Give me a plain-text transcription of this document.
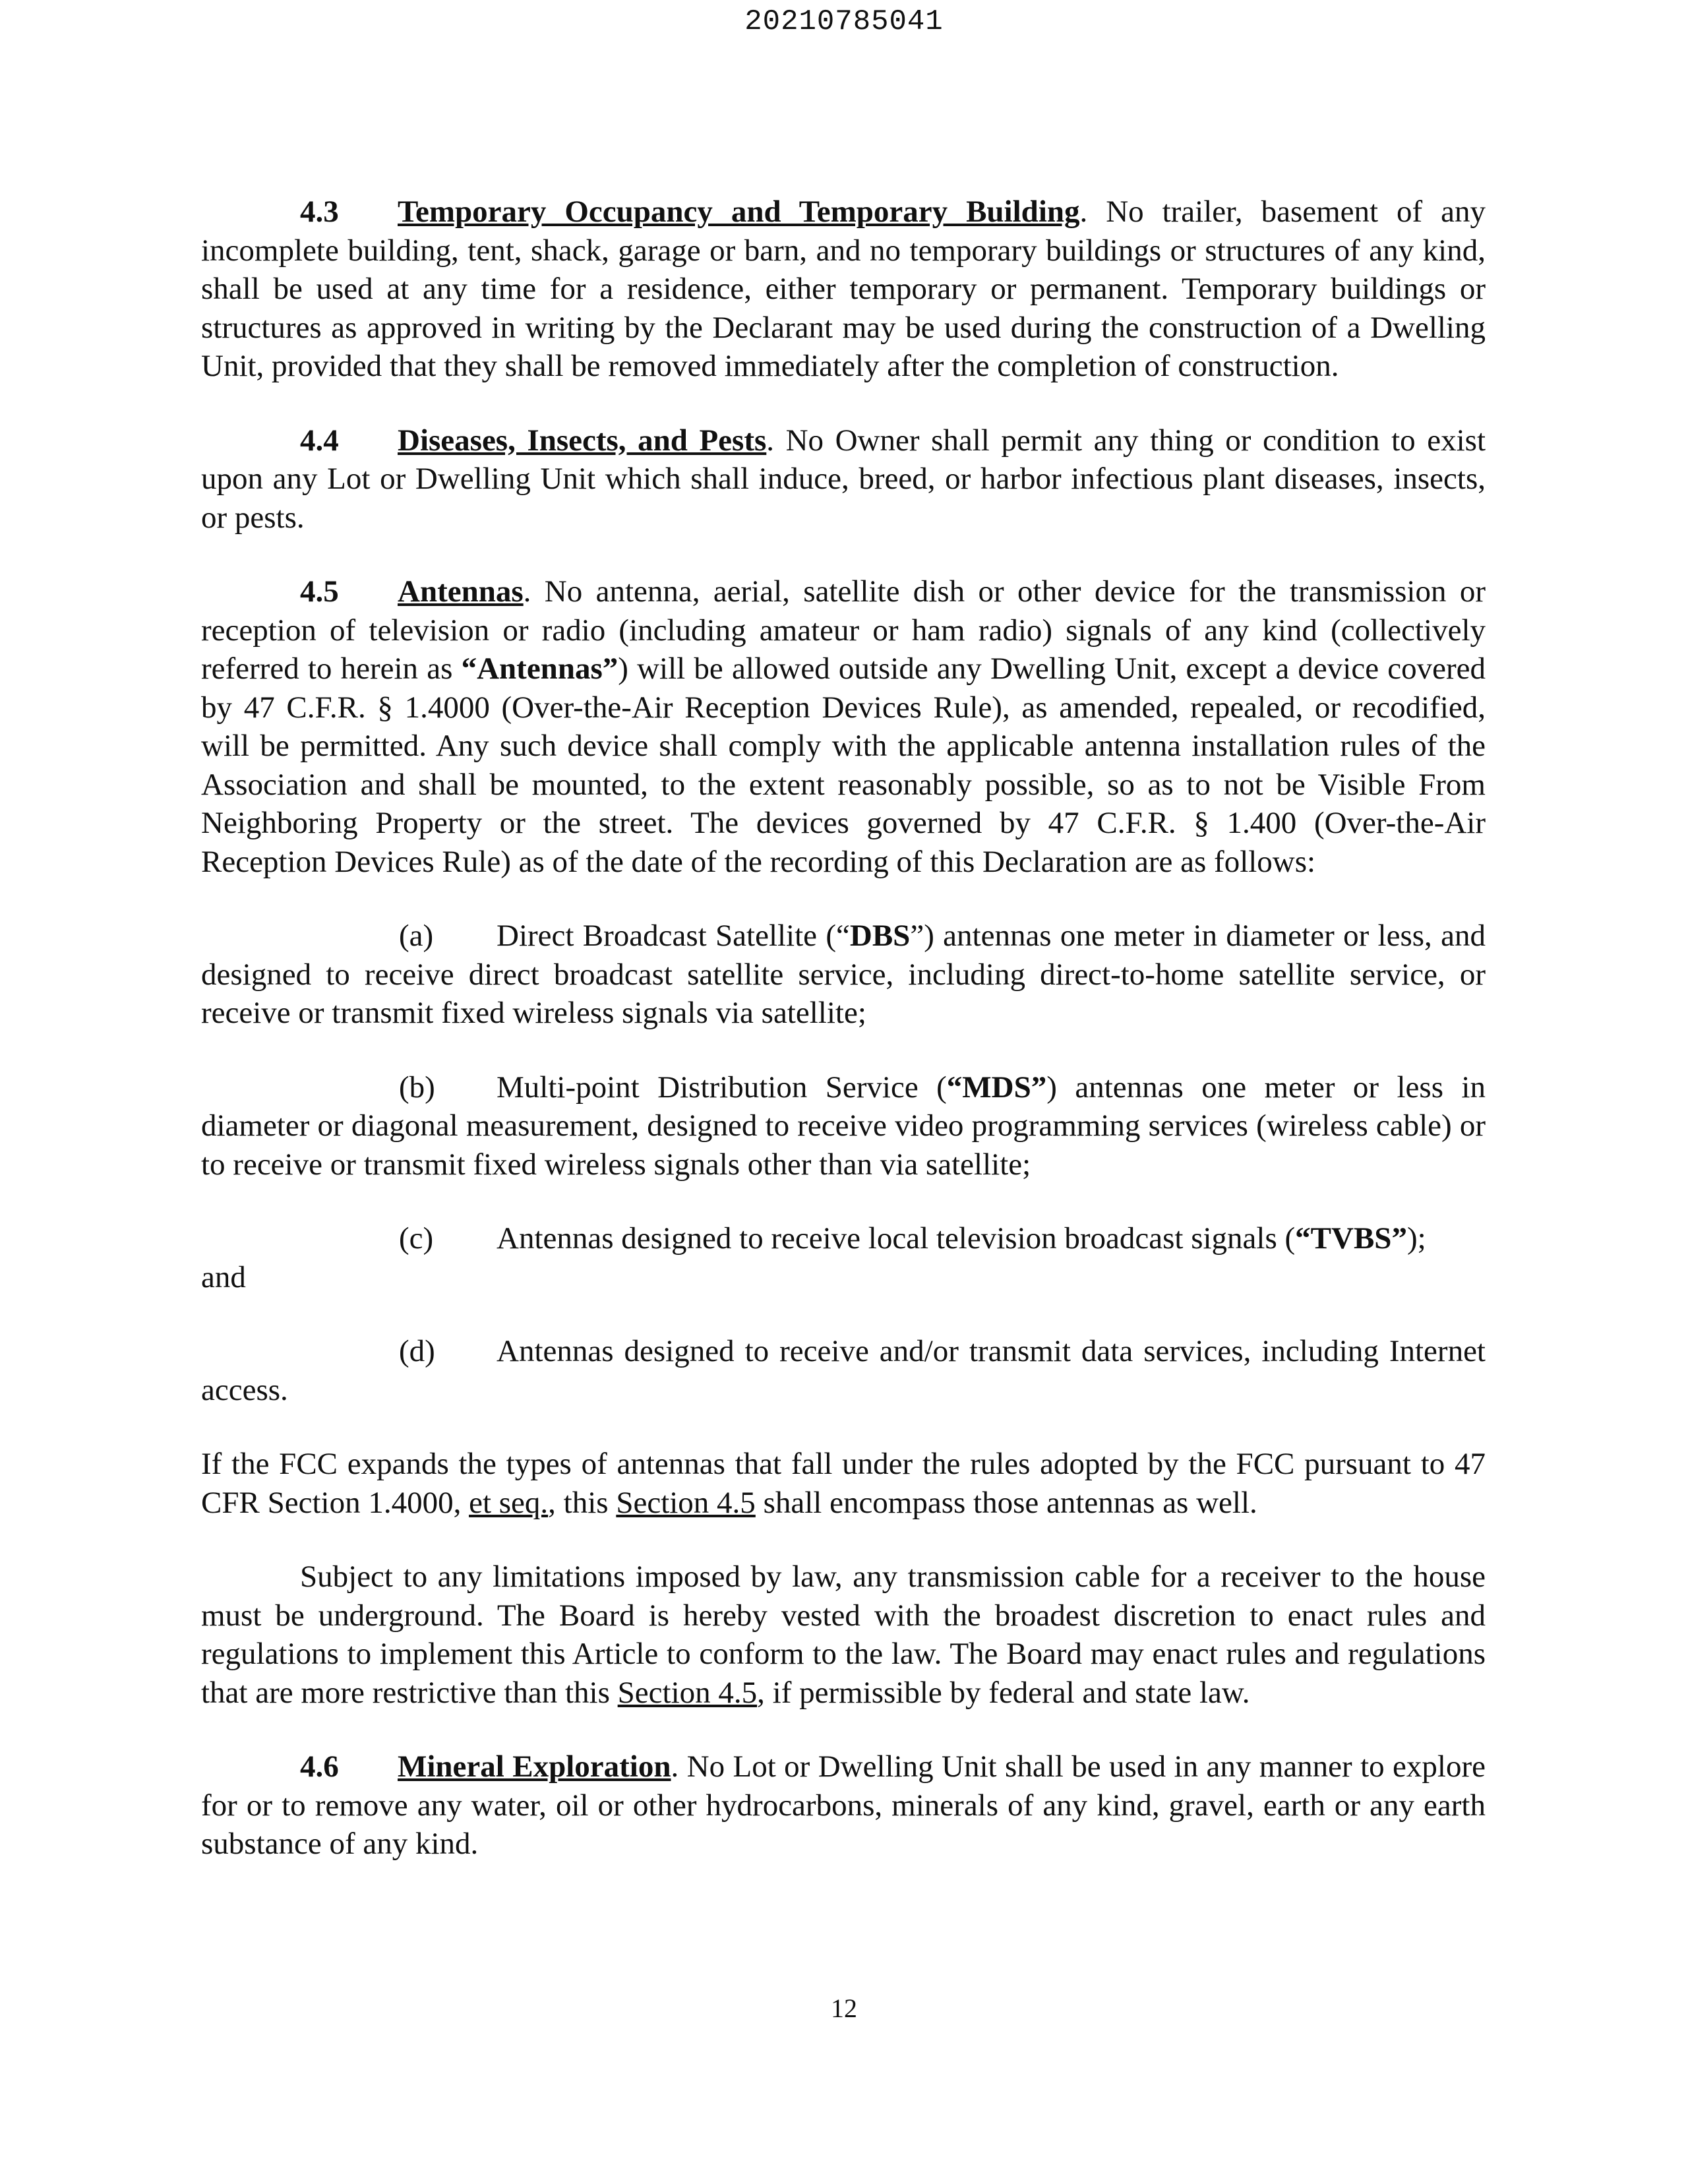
20210785041

4.3 Temporary Occupancy and Temporary Building. No trailer, basement of any incomplete building, tent, shack, garage or barn, and no temporary buildings or structures of any kind, shall be used at any time for a residence, either temporary or permanent. Temporary buildings or structures as approved in writing by the Declarant may be used during the construction of a Dwelling Unit, provided that they shall be removed immediately after the completion of construction.

4.4 Diseases, Insects, and Pests. No Owner shall permit any thing or condition to exist upon any Lot or Dwelling Unit which shall induce, breed, or harbor infectious plant diseases, insects, or pests.

4.5 Antennas. No antenna, aerial, satellite dish or other device for the transmission or reception of television or radio (including amateur or ham radio) signals of any kind (collectively referred to herein as “Antennas”) will be allowed outside any Dwelling Unit, except a device covered by 47 C.F.R. § 1.4000 (Over-the-Air Reception Devices Rule), as amended, repealed, or recodified, will be permitted. Any such device shall comply with the applicable antenna installation rules of the Association and shall be mounted, to the extent reasonably possible, so as to not be Visible From Neighboring Property or the street. The devices governed by 47 C.F.R. § 1.400 (Over-the-Air Reception Devices Rule) as of the date of the recording of this Declaration are as follows:

(a) Direct Broadcast Satellite (“DBS”) antennas one meter in diameter or less, and designed to receive direct broadcast satellite service, including direct-to-home satellite service, or receive or transmit fixed wireless signals via satellite;

(b) Multi-point Distribution Service (“MDS”) antennas one meter or less in diameter or diagonal measurement, designed to receive video programming services (wireless cable) or to receive or transmit fixed wireless signals other than via satellite;

(c) Antennas designed to receive local television broadcast signals (“TVBS”);

and

(d) Antennas designed to receive and/or transmit data services, including Internet access.

If the FCC expands the types of antennas that fall under the rules adopted by the FCC pursuant to 47 CFR Section 1.4000, et seq., this Section 4.5 shall encompass those antennas as well.

Subject to any limitations imposed by law, any transmission cable for a receiver to the house must be underground. The Board is hereby vested with the broadest discretion to enact rules and regulations to implement this Article to conform to the law. The Board may enact rules and regulations that are more restrictive than this Section 4.5, if permissible by federal and state law.

4.6 Mineral Exploration. No Lot or Dwelling Unit shall be used in any manner to explore for or to remove any water, oil or other hydrocarbons, minerals of any kind, gravel, earth or any earth substance of any kind.

12
